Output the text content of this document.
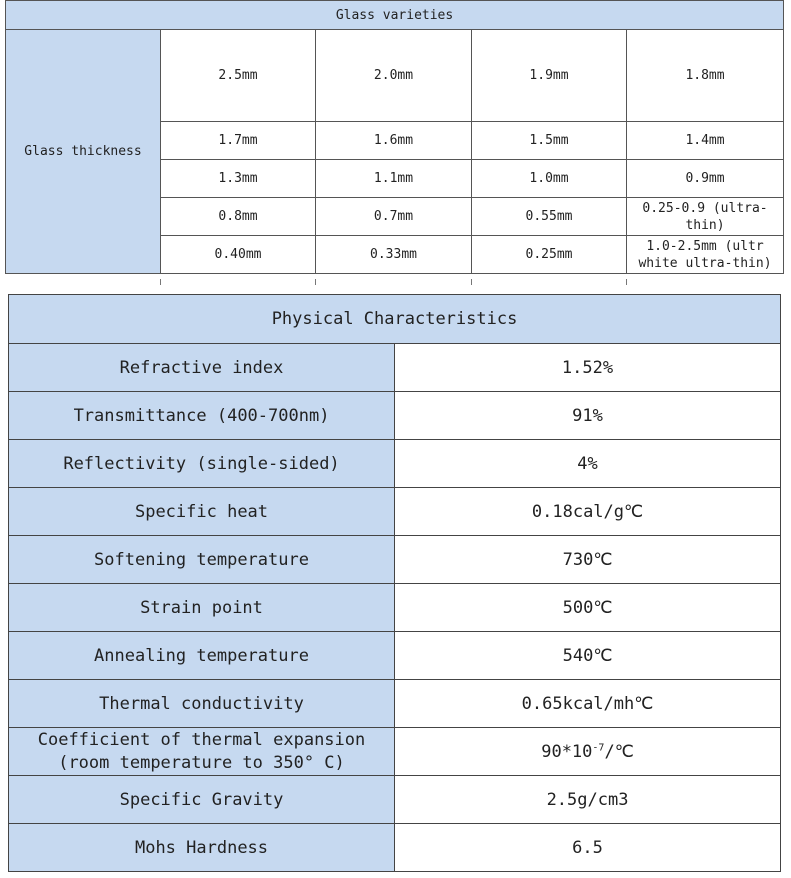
Glass varieties				
Glass thickness	2.5mm	2.0mm	1.9mm	1.8mm
	1.7mm	1.6mm	1.5mm	1.4mm
	1.3mm	1.1mm	1.0mm	0.9mm
	0.8mm	0.7mm	0.55mm	0.25-0.9 (ultra-thin)
	0.40mm	0.33mm	0.25mm	1.0-2.5mm (ultr white ultra-thin)
Physical Characteristics	
Refractive index	1.52%
Transmittance (400-700nm)	91%
Reflectivity (single-sided)	4%
Specific heat	0.18cal/g℃
Softening temperature	730℃
Strain point	500℃
Annealing temperature	540℃
Thermal conductivity	0.65kcal/mh℃
Coefficient of thermal expansion (room temperature to 350° C)	$90*10^{-7}/℃$
Specific Gravity	2.5g/cm3
Mohs Hardness	6.5
